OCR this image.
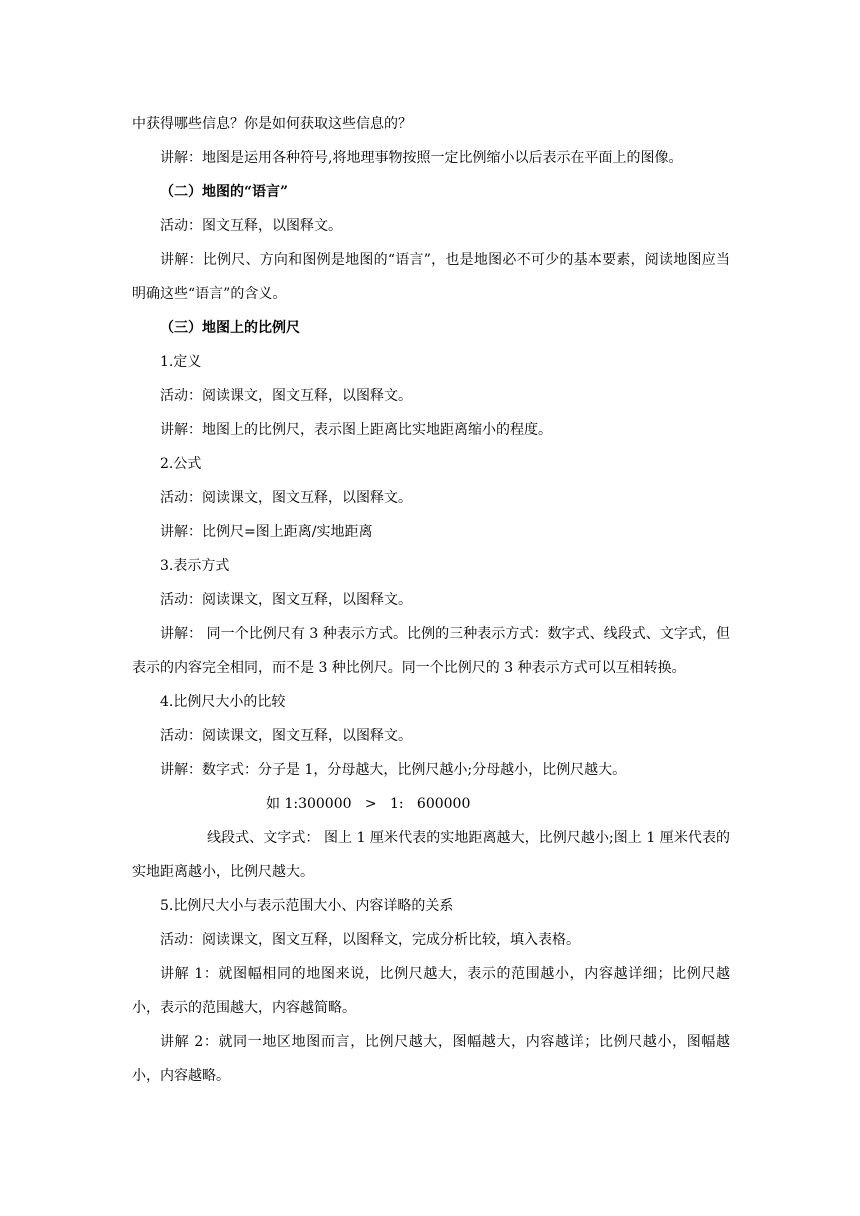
中获得哪些信息？你是如何获取这些信息的？

讲解：地图是运用各种符号,将地理事物按照一定比例缩小以后表示在平面上的图像。

（二）地图的“语言”

活动：图文互释，以图释文。

讲解：比例尺、方向和图例是地图的“语言”，也是地图必不可少的基本要素，阅读地图应当明确这些“语言”的含义。

（三）地图上的比例尺

1.定义

活动：阅读课文，图文互释，以图释文。

讲解：地图上的比例尺，表示图上距离比实地距离缩小的程度。

2.公式

活动：阅读课文，图文互释，以图释文。

讲解：比例尺=图上距离/实地距离

3.表示方式

活动：阅读课文，图文互释，以图释文。

讲解： 同一个比例尺有 3 种表示方式。比例的三种表示方式：数字式、线段式、文字式，但表示的内容完全相同，而不是 3 种比例尺。同一个比例尺的 3 种表示方式可以互相转换。

4.比例尺大小的比较

活动：阅读课文，图文互释，以图释文。

讲解：数字式：分子是 1，分母越大，比例尺越小;分母越小，比例尺越大。

如 1:300000   >   1:   600000

线段式、文字式： 图上 1 厘米代表的实地距离越大，比例尺越小;图上 1 厘米代表的实地距离越小，比例尺越大。

5.比例尺大小与表示范围大小、内容详略的关系

活动：阅读课文，图文互释，以图释文，完成分析比较，填入表格。

讲解 1：就图幅相同的地图来说，比例尺越大，表示的范围越小，内容越详细；比例尺越小，表示的范围越大，内容越简略。

讲解 2：就同一地区地图而言，比例尺越大，图幅越大，内容越详；比例尺越小，图幅越小，内容越略。
